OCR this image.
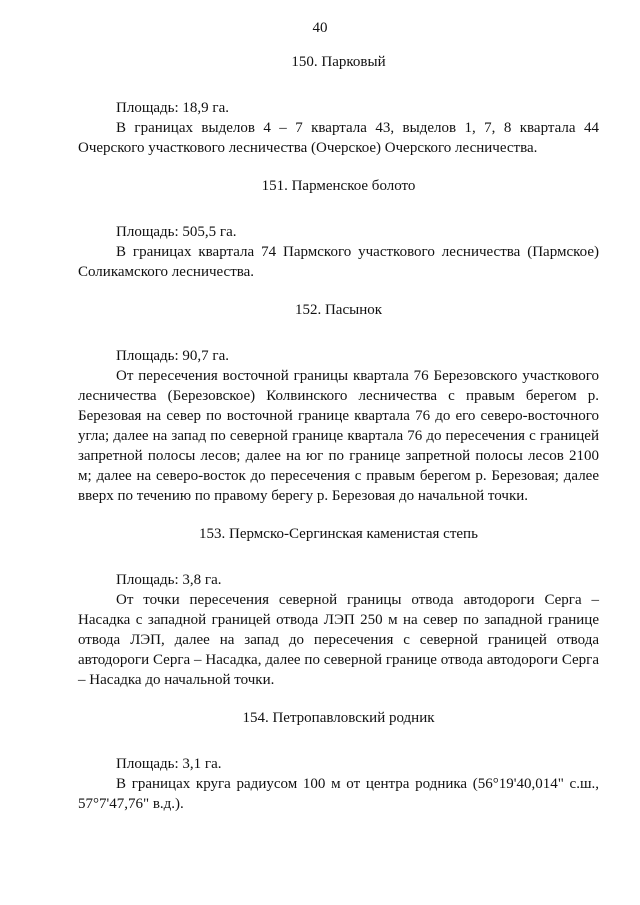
40

150. Парковый

Площадь: 18,9 га.

В границах выделов 4 – 7 квартала 43, выделов 1, 7, 8 квартала 44 Очерского участкового лесничества (Очерское) Очерского лесничества.

151. Парменское болото

Площадь: 505,5 га.

В границах квартала 74 Пармского участкового лесничества (Пармское) Соликамского лесничества.

152. Пасынок

Площадь: 90,7 га.

От пересечения восточной границы квартала 76 Березовского участкового лесничества (Березовское) Колвинского лесничества с правым берегом р. Березовая на север по восточной границе квартала 76 до его северо-восточного угла; далее на запад по северной границе квартала 76 до пересечения с границей запретной полосы лесов; далее на юг по границе запретной полосы лесов 2100 м; далее на северо-восток до пересечения с правым берегом р. Березовая; далее вверх по течению по правому берегу р. Березовая до начальной точки.

153. Пермско-Сергинская каменистая степь

Площадь: 3,8 га.

От точки пересечения северной границы отвода автодороги Серга – Насадка с западной границей отвода ЛЭП 250 м на север по западной границе отвода ЛЭП, далее на запад до пересечения с северной границей отвода автодороги Серга – Насадка, далее по северной границе отвода автодороги Серга – Насадка до начальной точки.

154. Петропавловский родник

Площадь: 3,1 га.

В границах круга радиусом 100 м от центра родника (56°19'40,014" с.ш., 57°7'47,76" в.д.).
